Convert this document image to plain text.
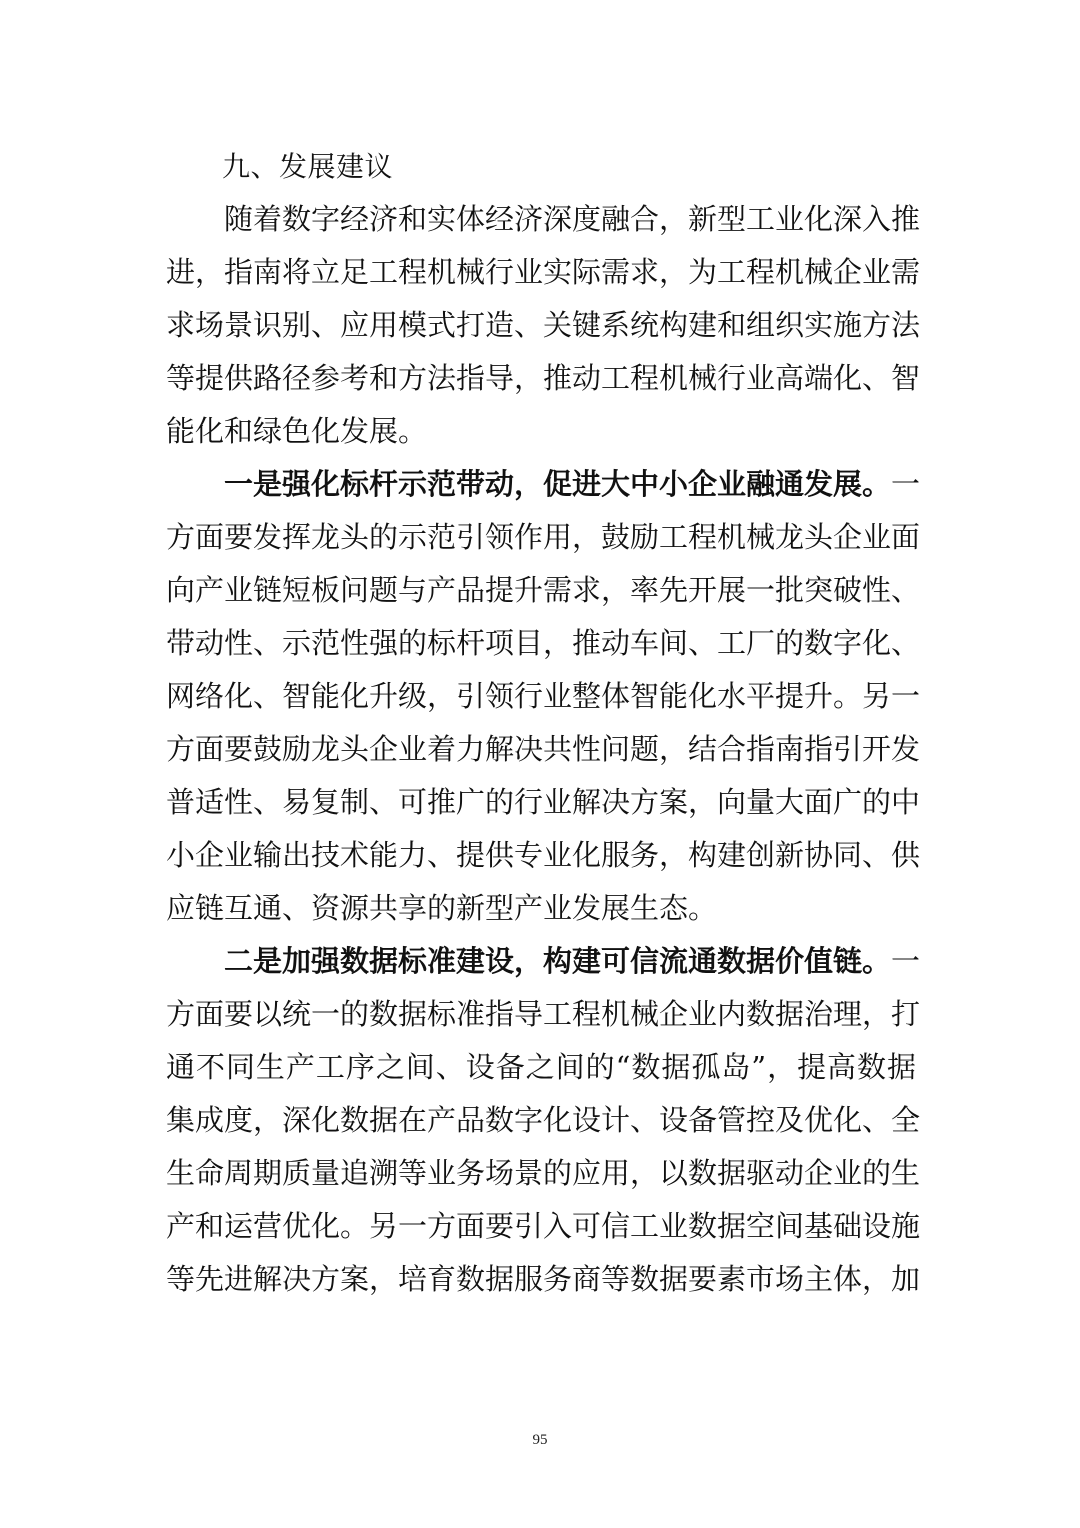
九、发展建议
随着数字经济和实体经济深度融合，新型工业化深入推
进，指南将立足工程机械行业实际需求，为工程机械企业需
求场景识别、应用模式打造、关键系统构建和组织实施方法
等提供路径参考和方法指导，推动工程机械行业高端化、智
能化和绿色化发展。
一是强化标杆示范带动，促进大中小企业融通发展。一
方面要发挥龙头的示范引领作用，鼓励工程机械龙头企业面
向产业链短板问题与产品提升需求，率先开展一批突破性、
带动性、示范性强的标杆项目，推动车间、工厂的数字化、
网络化、智能化升级，引领行业整体智能化水平提升。另一
方面要鼓励龙头企业着力解决共性问题，结合指南指引开发
普适性、易复制、可推广的行业解决方案，向量大面广的中
小企业输出技术能力、提供专业化服务，构建创新协同、供
应链互通、资源共享的新型产业发展生态。
二是加强数据标准建设，构建可信流通数据价值链。一
方面要以统一的数据标准指导工程机械企业内数据治理，打
通不同生产工序之间、设备之间的“数据孤岛”，提高数据
集成度，深化数据在产品数字化设计、设备管控及优化、全
生命周期质量追溯等业务场景的应用，以数据驱动企业的生
产和运营优化。另一方面要引入可信工业数据空间基础设施
等先进解决方案，培育数据服务商等数据要素市场主体，加
95
